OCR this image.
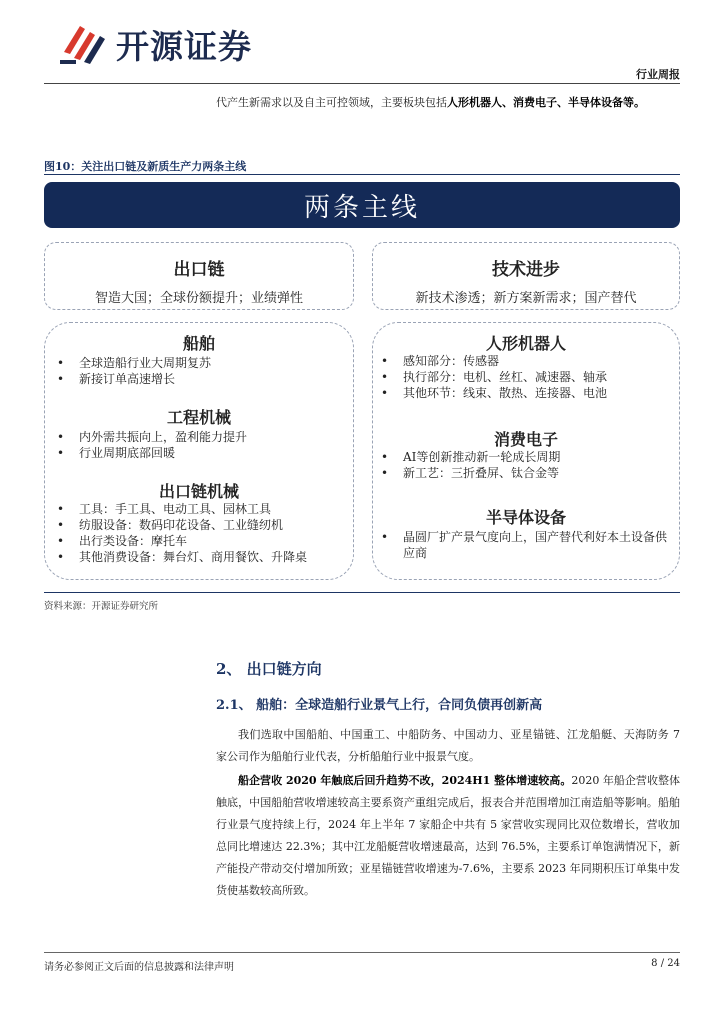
开源证券
行业周报
代产生新需求以及自主可控领域，主要板块包括人形机器人、消费电子、半导体设备等。
图10：关注出口链及新质生产力两条主线
两条主线
出口链
智造大国；全球份额提升；业绩弹性
技术进步
新技术渗透；新方案新需求；国产替代
船舶
• 全球造船行业大周期复苏
• 新接订单高速增长
工程机械
• 内外需共振向上，盈利能力提升
• 行业周期底部回暖
出口链机械
• 工具：手工具、电动工具、园林工具
• 纺服设备：数码印花设备、工业缝纫机
• 出行类设备：摩托车
• 其他消费设备：舞台灯、商用餐饮、升降桌
人形机器人
• 感知部分：传感器
• 执行部分：电机、丝杠、减速器、轴承
• 其他环节：线束、散热、连接器、电池
消费电子
• AI等创新推动新一轮成长周期
• 新工艺：三折叠屏、钛合金等
半导体设备
• 晶圆厂扩产景气度向上，国产替代利好本土设备供应商
资料来源：开源证券研究所
2、 出口链方向
2.1、 船舶：全球造船行业景气上行，合同负债再创新高
我们选取中国船舶、中国重工、中船防务、中国动力、亚星锚链、江龙船艇、天海防务 7 家公司作为船舶行业代表，分析船舶行业中报景气度。
船企营收 2020 年触底后回升趋势不改，2024H1 整体增速较高。2020 年船企营收整体触底，中国船舶营收增速较高主要系资产重组完成后，报表合并范围增加江南造船等影响。船舶行业景气度持续上行，2024 年上半年 7 家船企中共有 5 家营收实现同比双位数增长，营收加总同比增速达 22.3%；其中江龙船艇营收增速最高，达到 76.5%，主要系订单饱满情况下，新产能投产带动交付增加所致；亚星锚链营收增速为-7.6%，主要系 2023 年同期积压订单集中发货使基数较高所致。
请务必参阅正文后面的信息披露和法律声明	8 / 24
